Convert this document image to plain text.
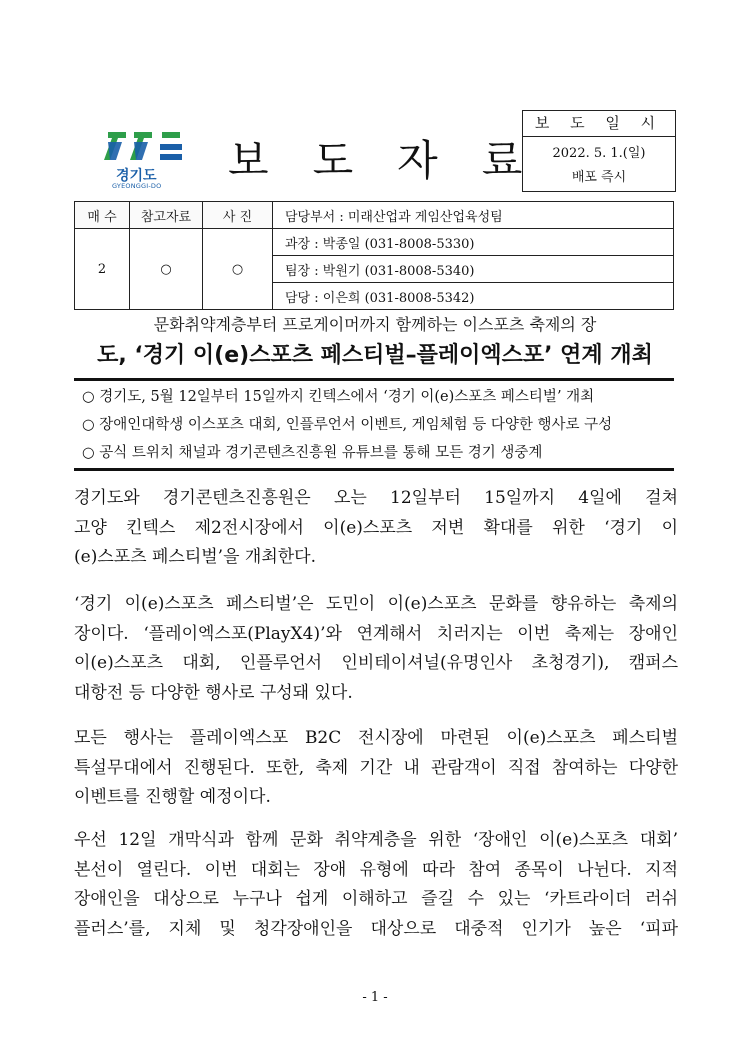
경기도
GYEONGGI-DO
보도자료
보 도 일 시
2022. 5. 1.(일)
배포 즉시
매 수	참고자료	사 진	담당부서 : 미래산업과 게임산업육성팀
2	○	○	과장 : 박종일 (031-8008-5330)
			팀장 : 박원기 (031-8008-5340)
			담당 : 이은희 (031-8008-5342)
문화취약계층부터 프로게이머까지 함께하는 이스포츠 축제의 장
도, ‘경기 이(e)스포츠 페스티벌–플레이엑스포’ 연계 개최
○ 경기도, 5월 12일부터 15일까지 킨텍스에서 ‘경기 이(e)스포츠 페스티벌’ 개최
○ 장애인대학생 이스포츠 대회, 인플루언서 이벤트, 게임체험 등 다양한 행사로 구성
○ 공식 트위치 채널과 경기콘텐츠진흥원 유튜브를 통해 모든 경기 생중계
경기도와 경기콘텐츠진흥원은 오는 12일부터 15일까지 4일에 걸쳐
고양 킨텍스 제2전시장에서 이(e)스포츠 저변 확대를 위한 ‘경기 이
(e)스포츠 페스티벌’을 개최한다.
‘경기 이(e)스포츠 페스티벌’은 도민이 이(e)스포츠 문화를 향유하는 축제의
장이다. ‘플레이엑스포(PlayX4)’와 연계해서 치러지는 이번 축제는 장애인
이(e)스포츠 대회, 인플루언서 인비테이셔널(유명인사 초청경기), 캠퍼스
대항전 등 다양한 행사로 구성돼 있다.
모든 행사는 플레이엑스포 B2C 전시장에 마련된 이(e)스포츠 페스티벌
특설무대에서 진행된다. 또한, 축제 기간 내 관람객이 직접 참여하는 다양한
이벤트를 진행할 예정이다.
우선 12일 개막식과 함께 문화 취약계층을 위한 ‘장애인 이(e)스포츠 대회’
본선이 열린다. 이번 대회는 장애 유형에 따라 참여 종목이 나뉜다. 지적
장애인을 대상으로 누구나 쉽게 이해하고 즐길 수 있는 ‘카트라이더 러쉬
플러스’를, 지체 및 청각장애인을 대상으로 대중적 인기가 높은 ‘피파
- 1 -
